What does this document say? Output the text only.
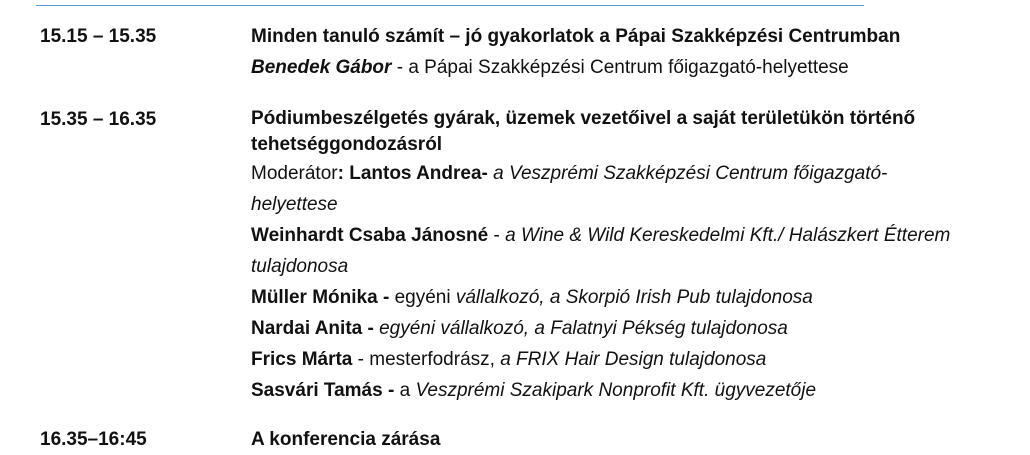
15.15 – 15.35	Minden tanuló számít – jó gyakorlatok a Pápai Szakképzési Centrumban
Benedek Gábor - a Pápai Szakképzési Centrum főigazgató-helyettese
15.35 – 16.35	Pódiumbeszélgetés gyárak, üzemek vezetőivel a saját területükön történő tehetséggondozásról
Moderátor: Lantos Andrea- a Veszprémi Szakképzési Centrum főigazgató-helyettese
Weinhardt Csaba Jánosné - a Wine & Wild Kereskedelmi Kft./ Halászkert Étterem tulajdonosa
Müller Mónika - egyéni vállalkozó, a Skorpió Irish Pub tulajdonosa
Nardai Anita - egyéni vállalkozó, a Falatnyi Pékség tulajdonosa
Frics Márta - mesterfodrász, a FRIX Hair Design tulajdonosa
Sasvári Tamás - a Veszprémi Szakipark Nonprofit Kft. ügyvezetője
16.35–16:45	A konferencia zárása
